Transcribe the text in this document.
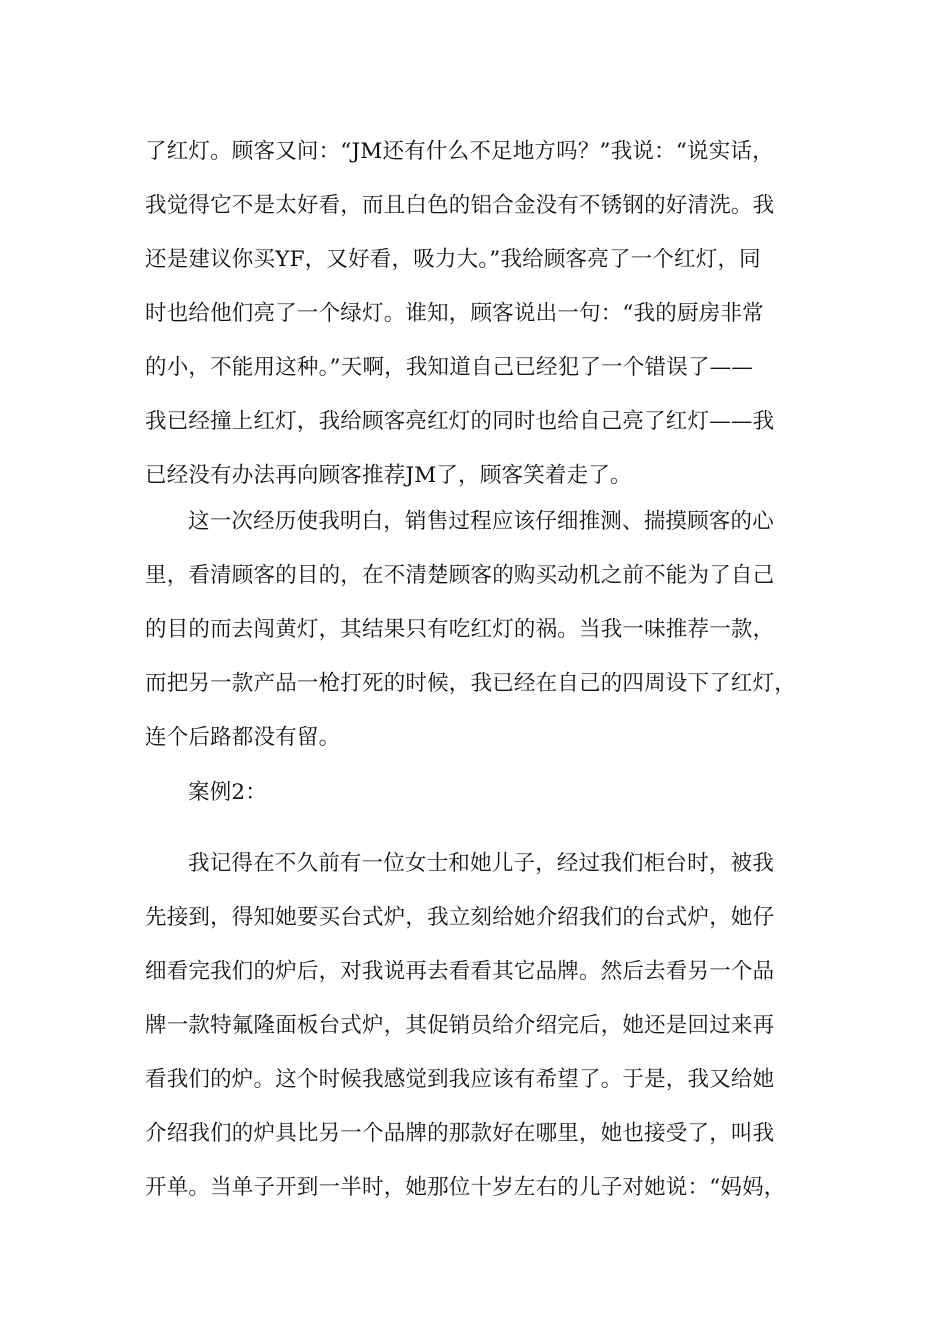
了红灯。顾客又问：“JM还有什么不足地方吗？”我说：“说实话，
我觉得它不是太好看，而且白色的铝合金没有不锈钢的好清洗。我
还是建议你买YF，又好看，吸力大。”我给顾客亮了一个红灯，同
时也给他们亮了一个绿灯。谁知，顾客说出一句：“我的厨房非常
的小，不能用这种。”天啊，我知道自己已经犯了一个错误了——
我已经撞上红灯，我给顾客亮红灯的同时也给自己亮了红灯——我
已经没有办法再向顾客推荐JM了，顾客笑着走了。
这一次经历使我明白，销售过程应该仔细推测、揣摸顾客的心
里，看清顾客的目的，在不清楚顾客的购买动机之前不能为了自己
的目的而去闯黄灯，其结果只有吃红灯的祸。当我一味推荐一款，
而把另一款产品一枪打死的时候，我已经在自己的四周设下了红灯，
连个后路都没有留。
案例2：
我记得在不久前有一位女士和她儿子，经过我们柜台时，被我
先接到，得知她要买台式炉，我立刻给她介绍我们的台式炉，她仔
细看完我们的炉后，对我说再去看看其它品牌。然后去看另一个品
牌一款特氟隆面板台式炉，其促销员给介绍完后，她还是回过来再
看我们的炉。这个时候我感觉到我应该有希望了。于是，我又给她
介绍我们的炉具比另一个品牌的那款好在哪里，她也接受了，叫我
开单。当单子开到一半时，她那位十岁左右的儿子对她说：“妈妈，
